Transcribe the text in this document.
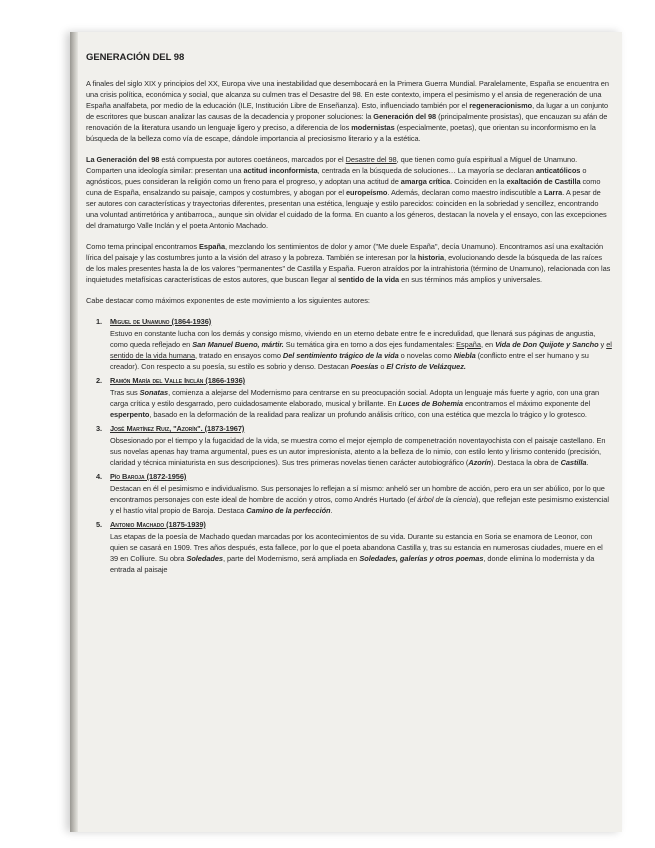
GENERACIÓN DEL 98

A finales del siglo XIX y principios del XX, Europa vive una inestabilidad que desembocará en la Primera Guerra Mundial. Paralelamente, España se encuentra en una crisis política, económica y social, que alcanza su culmen tras el Desastre del 98. En este contexto, impera el pesimismo y el ansia de regeneración de una España analfabeta, por medio de la educación (ILE, Institución Libre de Enseñanza). Esto, influenciado también por el regeneracionismo, da lugar a un conjunto de escritores que buscan analizar las causas de la decadencia y proponer soluciones: la Generación del 98 (principalmente prosistas), que encauzan su afán de renovación de la literatura usando un lenguaje ligero y preciso, a diferencia de los modernistas (especialmente, poetas), que orientan su inconformismo en la búsqueda de la belleza como vía de escape, dándole importancia al preciosismo literario y a la estética.

La Generación del 98 está compuesta por autores coetáneos, marcados por el Desastre del 98, que tienen como guía espiritual a Miguel de Unamuno. Comparten una ideología similar: presentan una actitud inconformista, centrada en la búsqueda de soluciones… La mayoría se declaran anticatólicos o agnósticos, pues consideran la religión como un freno para el progreso, y adoptan una actitud de amarga crítica. Coinciden en la exaltación de Castilla como cuna de España, ensalzando su paisaje, campos y costumbres, y abogan por el europeísmo. Además, declaran como maestro indiscutible a Larra. A pesar de ser autores con características y trayectorias diferentes, presentan una estética, lenguaje y estilo parecidos: coinciden en la sobriedad y sencillez, encontrando una voluntad antirretórica y antibarroca,, aunque sin olvidar el cuidado de la forma. En cuanto a los géneros, destacan la novela y el ensayo, con las excepciones del dramaturgo Valle Inclán y el poeta Antonio Machado.

Como tema principal encontramos España, mezclando los sentimientos de dolor y amor ("Me duele España", decía Unamuno). Encontramos así una exaltación lírica del paisaje y las costumbres junto a la visión del atraso y la pobreza. También se interesan por la historia, evolucionando desde la búsqueda de las raíces de los males presentes hasta la de los valores "permanentes" de Castilla y España. Fueron atraídos por la intrahistoria (término de Unamuno), relacionada con las inquietudes metafísicas características de estos autores, que buscan llegar al sentido de la vida en sus términos más amplios y universales.

Cabe destacar como máximos exponentes de este movimiento a los siguientes autores:

1. Miguel de Unamuno (1864-1936)

Estuvo en constante lucha con los demás y consigo mismo, viviendo en un eterno debate entre fe e incredulidad, que llenará sus páginas de angustia, como queda reflejado en San Manuel Bueno, mártir. Su temática gira en torno a dos ejes fundamentales: España, en Vida de Don Quijote y Sancho y el sentido de la vida humana, tratado en ensayos como Del sentimiento trágico de la vida o novelas como Niebla (conflicto entre el ser humano y su creador). Con respecto a su poesía, su estilo es sobrio y denso. Destacan Poesías o El Cristo de Velázquez.

2. Ramón María del Valle Inclán (1866-1936)

Tras sus Sonatas, comienza a alejarse del Modernismo para centrarse en su preocupación social. Adopta un lenguaje más fuerte y agrio, con una gran carga crítica y estilo desgarrado, pero cuidadosamente elaborado, musical y brillante. En Luces de Bohemia encontramos el máximo exponente del esperpento, basado en la deformación de la realidad para realizar un profundo análisis crítico, con una estética que mezcla lo trágico y lo grotesco.

3. José Martínez Ruiz, "Azorín". (1873-1967)

Obsesionado por el tiempo y la fugacidad de la vida, se muestra como el mejor ejemplo de compenetración noventayochista con el paisaje castellano. En sus novelas apenas hay trama argumental, pues es un autor impresionista, atento a la belleza de lo nimio, con estilo lento y lirismo contenido (precisión, claridad y técnica miniaturista en sus descripciones). Sus tres primeras novelas tienen carácter autobiográfico (Azorín). Destaca la obra de Castilla.

4. Pío Baroja (1872-1956)

Destacan en él el pesimismo e individualismo. Sus personajes lo reflejan a sí mismo: anheló ser un hombre de acción, pero era un ser abúlico, por lo que encontramos personajes con este ideal de hombre de acción y otros, como Andrés Hurtado (el árbol de la ciencia), que reflejan este pesimismo existencial y el hastío vital propio de Baroja. Destaca Camino de la perfección.

5. Antonio Machado (1875-1939)

Las etapas de la poesía de Machado quedan marcadas por los acontecimientos de su vida. Durante su estancia en Soria se enamora de Leonor, con quien se casará en 1909. Tres años después, esta fallece, por lo que el poeta abandona Castilla y, tras su estancia en numerosas ciudades, muere en el 39 en Colliure. Su obra Soledades, parte del Modernismo, será ampliada en Soledades, galerías y otros poemas, donde elimina lo modernista y da entrada al paisaje
